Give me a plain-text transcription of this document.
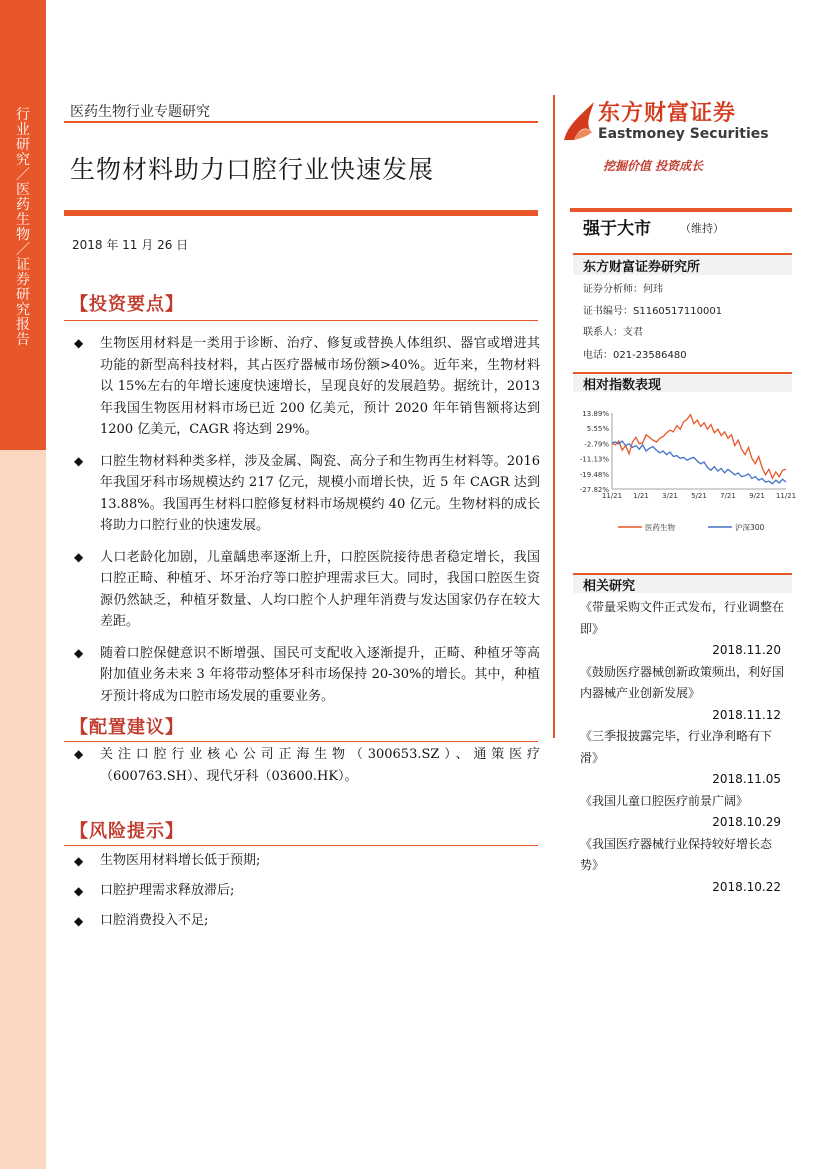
行业研究／医药生物／证券研究报告
医药生物行业专题研究
生物材料助力口腔行业快速发展
2018 年 11 月 26 日
【投资要点】
◆ 生物医用材料是一类用于诊断、治疗、修复或替换人体组织、器官或增进其功能的新型高科技材料，其占医疗器械市场份额>40%。近年来，生物材料以 15%左右的年增长速度快速增长，呈现良好的发展趋势。据统计，2013 年我国生物医用材料市场已近 200 亿美元，预计 2020 年年销售额将达到 1200 亿美元，CAGR 将达到 29%。
◆ 口腔生物材料种类多样，涉及金属、陶瓷、高分子和生物再生材料等。2016 年我国牙科市场规模达约 217 亿元，规模小而增长快，近 5 年 CAGR 达到 13.88%。我国再生材料口腔修复材料市场规模约 40 亿元。生物材料的成长将助力口腔行业的快速发展。
◆ 人口老龄化加剧，儿童龋患率逐渐上升，口腔医院接待患者稳定增长，我国口腔正畸、种植牙、坏牙治疗等口腔护理需求巨大。同时，我国口腔医生资源仍然缺乏，种植牙数量、人均口腔个人护理年消费与发达国家仍存在较大差距。
◆ 随着口腔保健意识不断增强、国民可支配收入逐渐提升，正畸、种植牙等高附加值业务未来 3 年将带动整体牙科市场保持 20-30%的增长。其中，种植牙预计将成为口腔市场发展的重要业务。
【配置建议】
◆ 关注口腔行业核心公司正海生物（300653.SZ）、通策医疗（600763.SH）、现代牙科（03600.HK）。
【风险提示】
◆ 生物医用材料增长低于预期;
◆ 口腔护理需求释放滞后;
◆ 口腔消费投入不足;
东方财富证券
Eastmoney Securities
挖掘价值 投资成长
强于大市	（维持）
东方财富证券研究所
证券分析师：何玮
证书编号：S1160517110001
联系人：支君
电话：021-23586480
相对指数表现
13.89%
5.55%
-2.79%
-11.13%
-19.48%
-27.82%
11/21 1/21 3/21 5/21 7/21 9/21 11/21
医药生物	沪深300
相关研究
《带量采购文件正式发布，行业调整在即》
2018.11.20
《鼓励医疗器械创新政策频出，利好国内器械产业创新发展》
2018.11.12
《三季报披露完毕，行业净利略有下滑》
2018.11.05
《我国儿童口腔医疗前景广阔》
2018.10.29
《我国医疗器械行业保持较好增长态势》
2018.10.22
